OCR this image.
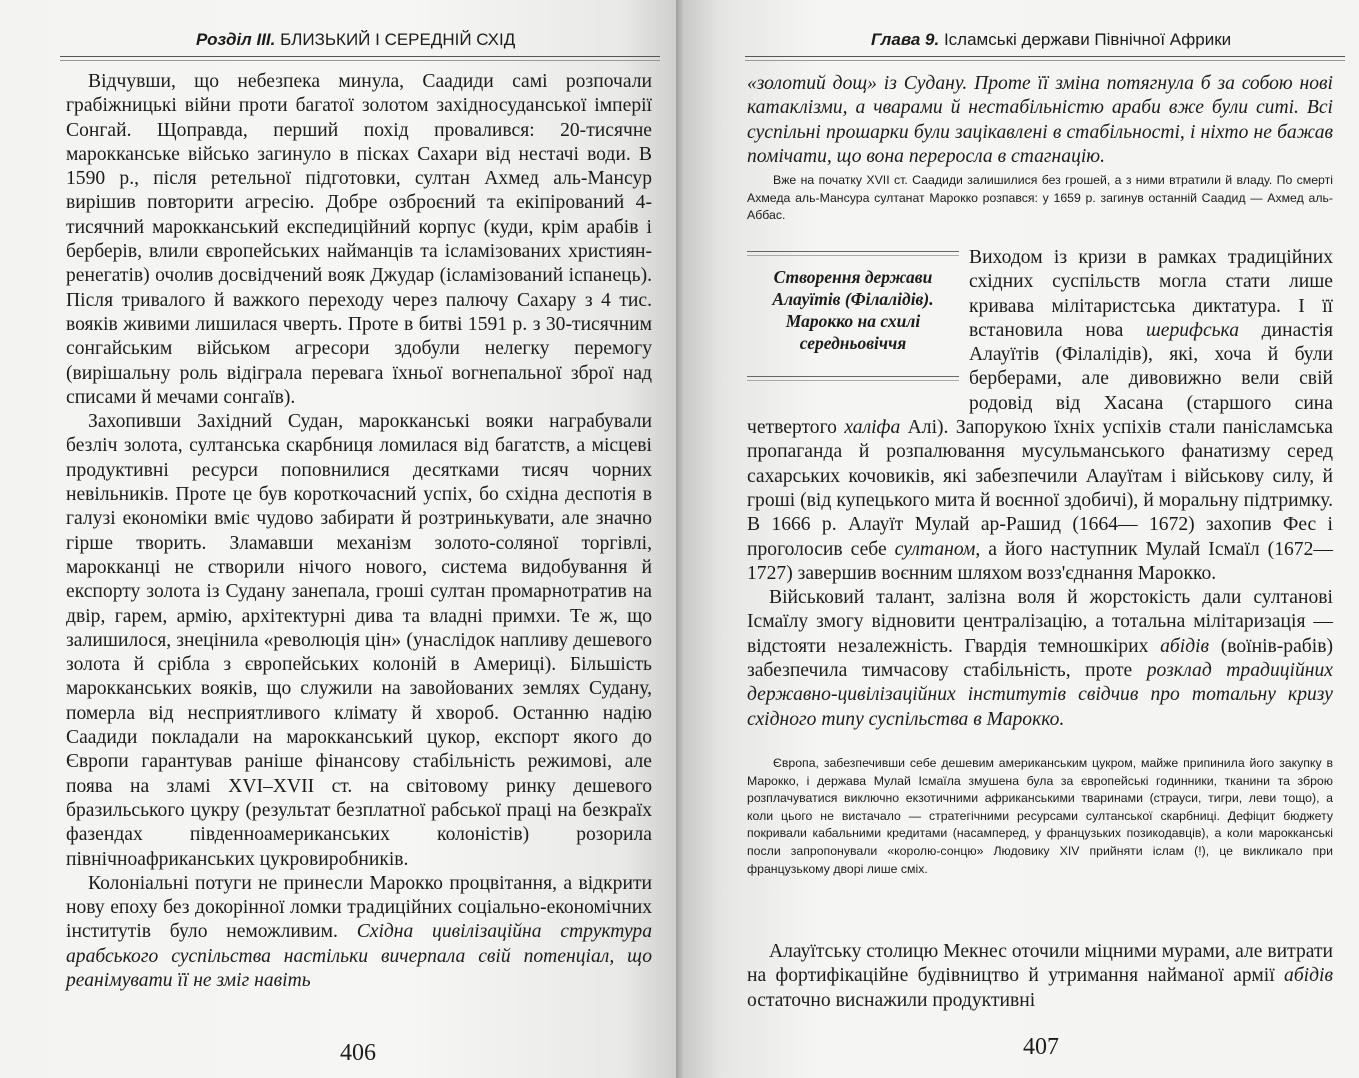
Розділ III. БЛИЗЬКИЙ І СЕРЕДНІЙ СХІД

Відчувши, що небезпека минула, Саадиди самі розпочали грабіжницькі війни проти багатої золотом західносуданської імперії Сонгай. Щоправда, перший похід провалився: 20-тисячне марокканське військо загинуло в пісках Сахари від нестачі води. В 1590 р., після ретельної підготовки, султан Ахмед аль-Мансур вирішив повторити агресію. Добре озброєний та екіпірований 4-тисячний марокканський експедиційний корпус (куди, крім арабів і берберів, влили європейських найманців та ісламізованих християн-ренегатів) очолив досвідчений вояк Джудар (ісламізований іспанець). Після тривалого й важкого переходу через палючу Сахару з 4 тис. вояків живими лишилася чверть. Проте в битві 1591 р. з 30-тисячним сонгайським військом агресори здобули нелегку перемогу (вирішальну роль відіграла перевага їхньої вогнепальної зброї над списами й мечами сонгаїв).

Захопивши Західний Судан, марокканські вояки награбували безліч золота, султанська скарбниця ломилася від багатств, а місцеві продуктивні ресурси поповнилися десятками тисяч чорних невільників. Проте це був короткочасний успіх, бо східна деспотія в галузі економіки вміє чудово забирати й розтринькувати, але значно гірше творить. Зламавши механізм золото-соляної торгівлі, марокканці не створили нічого нового, система видобування й експорту золота із Судану занепала, гроші султан промарнотратив на двір, гарем, армію, архітектурні дива та владні примхи. Те ж, що залишилося, знецінила «революція цін» (унаслідок напливу дешевого золота й срібла з європейських колоній в Америці). Більшість марокканських вояків, що служили на завойованих землях Судану, померла від несприятливого клімату й хвороб. Останню надію Саадиди покладали на марокканський цукор, експорт якого до Європи гарантував раніше фінансову стабільність режимові, але поява на зламі XVI–XVII ст. на світовому ринку дешевого бразильського цукру (результат безплатної рабської праці на безкраїх фазендах південноамериканських колоністів) розорила північноафриканських цукровиробників.

Колоніальні потуги не принесли Марокко процвітання, а відкрити нову епоху без докорінної ломки традиційних соціально-економічних інститутів було неможливим. Східна цивілізаційна структура арабського суспільства настільки вичерпала свій потенціал, що реанімувати її не зміг навіть

406
Глава 9. Ісламські держави Північної Африки

«золотий дощ» із Судану. Проте її зміна потягнула б за собою нові катаклізми, а чварами й нестабільністю араби вже були ситі. Всі суспільні прошарки були зацікавлені в стабільності, і ніхто не бажав помічати, що вона переросла в стагнацію.

Вже на початку XVII ст. Саадиди залишилися без грошей, а з ними втратили й владу. По смерті Ахмеда аль-Мансура султанат Марокко розпався: у 1659 р. загинув останній Саадид — Ахмед аль-Аббас.

Створення держави
Алауїтів (Філалідів).
Марокко на схилі
середньовіччя

Виходом із кризи в рамках традиційних східних суспільств могла стати лише кривава мілітаристська диктатура. І її встановила нова шерифська династія Алауїтів (Філалідів), які, хоча й були берберами, але дивовижно вели свій родовід від Хасана (старшого сина четвертого халіфа Алі). Запорукою їхніх успіхів стали панісламська пропаганда й розпалювання мусульманського фанатизму серед сахарських кочовиків, які забезпечили Алауїтам і військову силу, й гроші (від купецького мита й воєнної здобичі), й моральну підтримку. В 1666 р. Алауїт Мулай ар-Рашид (1664— 1672) захопив Фес і проголосив себе султаном, а його наступник Мулай Ісмаїл (1672— 1727) завершив воєнним шляхом возз'єднання Марокко.

Військовий талант, залізна воля й жорстокість дали султанові Ісмаїлу змогу відновити централізацію, а тотальна мілітаризація — відстояти незалежність. Гвардія темношкірих абідів (воїнів-рабів) забезпечила тимчасову стабільність, проте розклад традиційних державно-цивілізаційних інститутів свідчив про тотальну кризу східного типу суспільства в Марокко.

Європа, забезпечивши себе дешевим американським цукром, майже припинила його закупку в Марокко, і держава Мулай Ісмаїла змушена була за європейські годинники, тканини та зброю розплачуватися виключно екзотичними африканськими тваринами (страуси, тигри, леви тощо), а коли цього не вистачало — стратегічними ресурсами султанської скарбниці. Дефіцит бюджету покривали кабальними кредитами (насамперед, у французьких позикодавців), а коли марокканські посли запропонували «королю-сонцю» Людовику XIV прийняти іслам (!), це викликало при французькому дворі лише сміх.

Алауїтську столицю Мекнес оточили міцними мурами, але витрати на фортифікаційне будівництво й утримання найманої армії абідів остаточно виснажили продуктивні

407
